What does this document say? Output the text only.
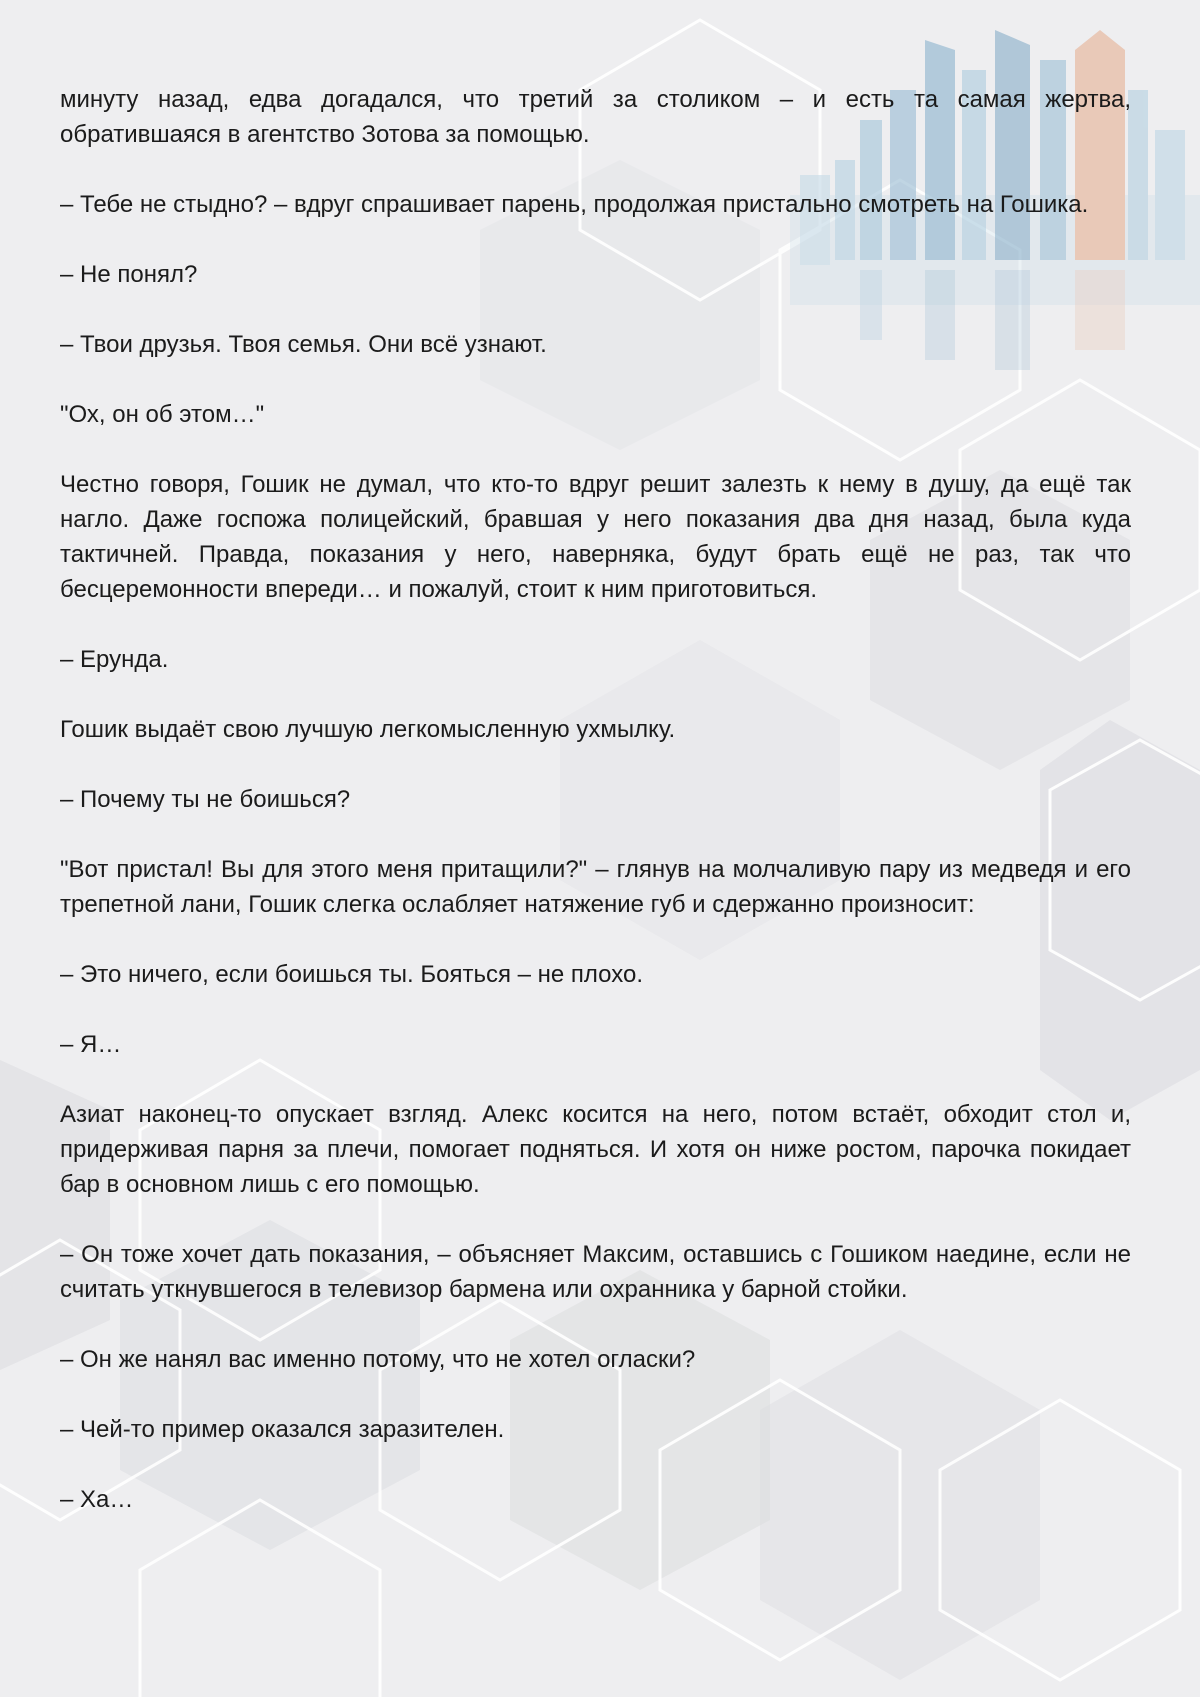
минуту назад, едва догадался, что третий за столиком – и есть та самая жертва, обратившаяся в агентство Зотова за помощью.

– Тебе не стыдно? – вдруг спрашивает парень, продолжая пристально смотреть на Гошика.

– Не понял?

– Твои друзья. Твоя семья. Они всё узнают.

"Ох, он об этом…"

Честно говоря, Гошик не думал, что кто-то вдруг решит залезть к нему в душу, да ещё так нагло. Даже госпожа полицейский, бравшая у него показания два дня назад, была куда тактичней. Правда, показания у него, наверняка, будут брать ещё не раз, так что бесцеремонности впереди… и пожалуй, стоит к ним приготовиться.

– Ерунда.

Гошик выдаёт свою лучшую легкомысленную ухмылку.

– Почему ты не боишься?

"Вот пристал! Вы для этого меня притащили?" – глянув на молчаливую пару из медведя и его трепетной лани, Гошик слегка ослабляет натяжение губ и сдержанно произносит:

– Это ничего, если боишься ты. Бояться – не плохо.

– Я…

Азиат наконец-то опускает взгляд. Алекс косится на него, потом встаёт, обходит стол и, придерживая парня за плечи, помогает подняться. И хотя он ниже ростом, парочка покидает бар в основном лишь с его помощью.

– Он тоже хочет дать показания, – объясняет Максим, оставшись с Гошиком наедине, если не считать уткнувшегося в телевизор бармена или охранника у барной стойки.

– Он же нанял вас именно потому, что не хотел огласки?

– Чей-то пример оказался заразителен.

– Ха…
